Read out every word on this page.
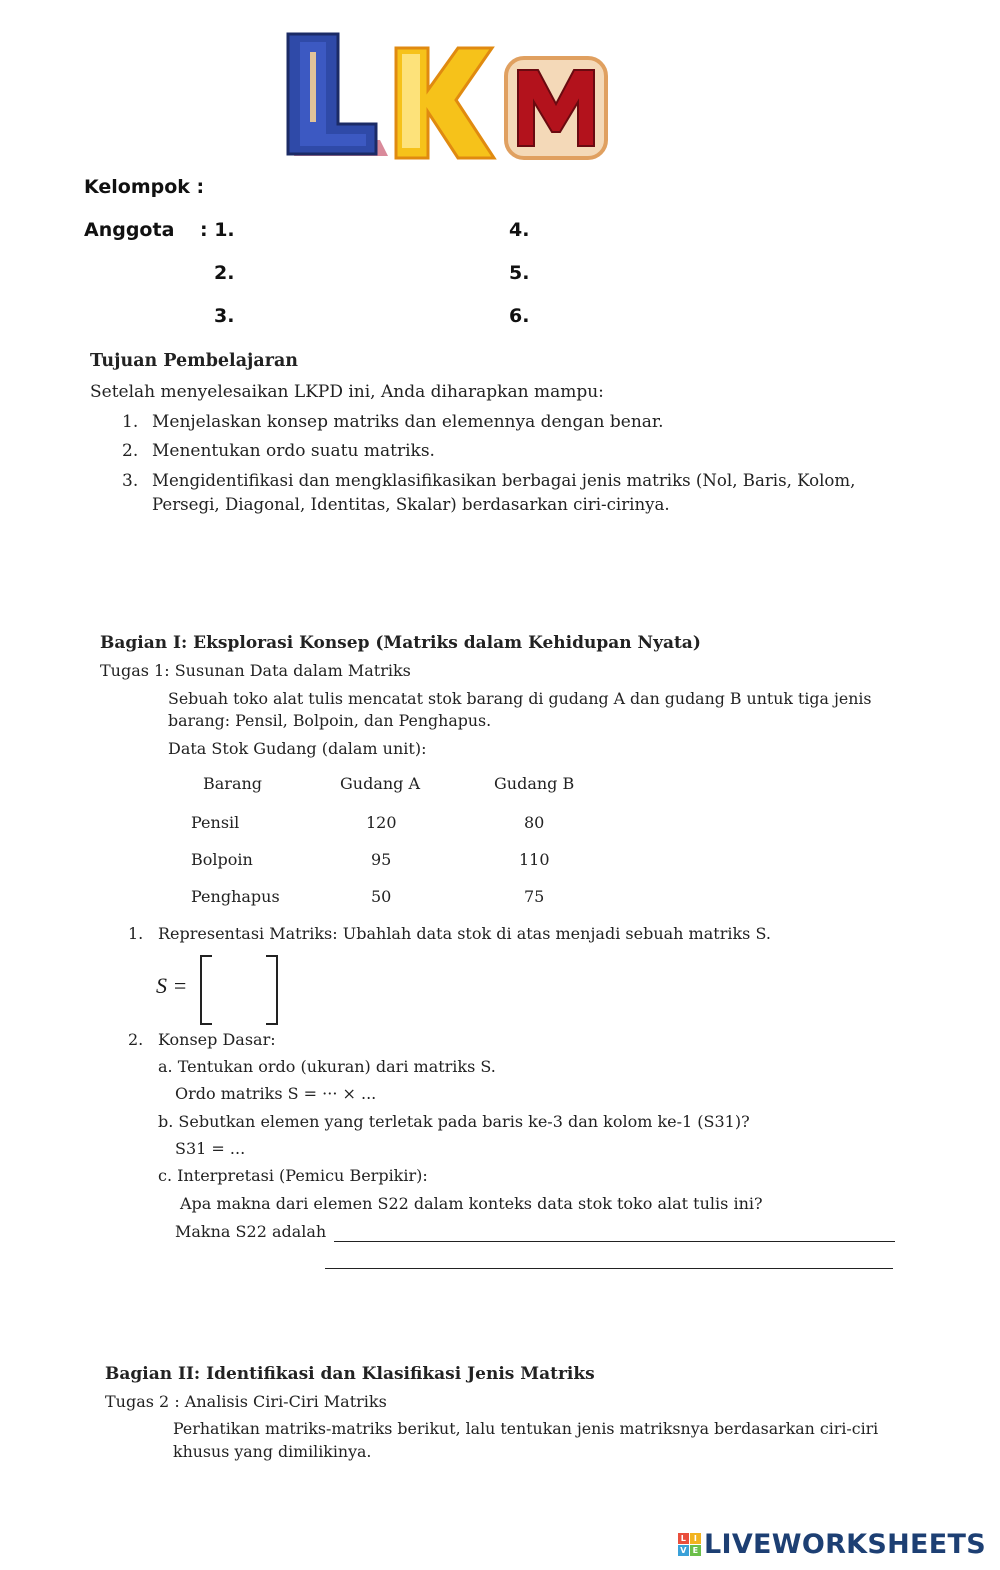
Kelompok :
Anggota : 1.
2.
3.
4.
5.
6.
Tujuan Pembelajaran
Setelah menyelesaikan LKPD ini, Anda diharapkan mampu:
1. Menjelaskan konsep matriks dan elemennya dengan benar.
2. Menentukan ordo suatu matriks.
3. Mengidentifikasi dan mengklasifikasikan berbagai jenis matriks (Nol, Baris, Kolom,
Persegi, Diagonal, Identitas, Skalar) berdasarkan ciri-cirinya.
Bagian I: Eksplorasi Konsep (Matriks dalam Kehidupan Nyata)
Tugas 1: Susunan Data dalam Matriks
Sebuah toko alat tulis mencatat stok barang di gudang A dan gudang B untuk tiga jenis
barang: Pensil, Bolpoin, dan Penghapus.
Data Stok Gudang (dalam unit):
Barang	Gudang A	Gudang B
Pensil	120	80
Bolpoin	95	110
Penghapus	50	75
1. Representasi Matriks: Ubahlah data stok di atas menjadi sebuah matriks S.
S =
2. Konsep Dasar:
a. Tentukan ordo (ukuran) dari matriks S.
Ordo matriks S = ··· × ...
b. Sebutkan elemen yang terletak pada baris ke-3 dan kolom ke-1 (S31)?
S31 = ...
c. Interpretasi (Pemicu Berpikir):
Apa makna dari elemen S22 dalam konteks data stok toko alat tulis ini?
Makna S22 adalah
Bagian II: Identifikasi dan Klasifikasi Jenis Matriks
Tugas 2 : Analisis Ciri-Ciri Matriks
Perhatikan matriks-matriks berikut, lalu tentukan jenis matriksnya berdasarkan ciri-ciri
khusus yang dimilikinya.
L I
V E LIVEWORKSHEETS
